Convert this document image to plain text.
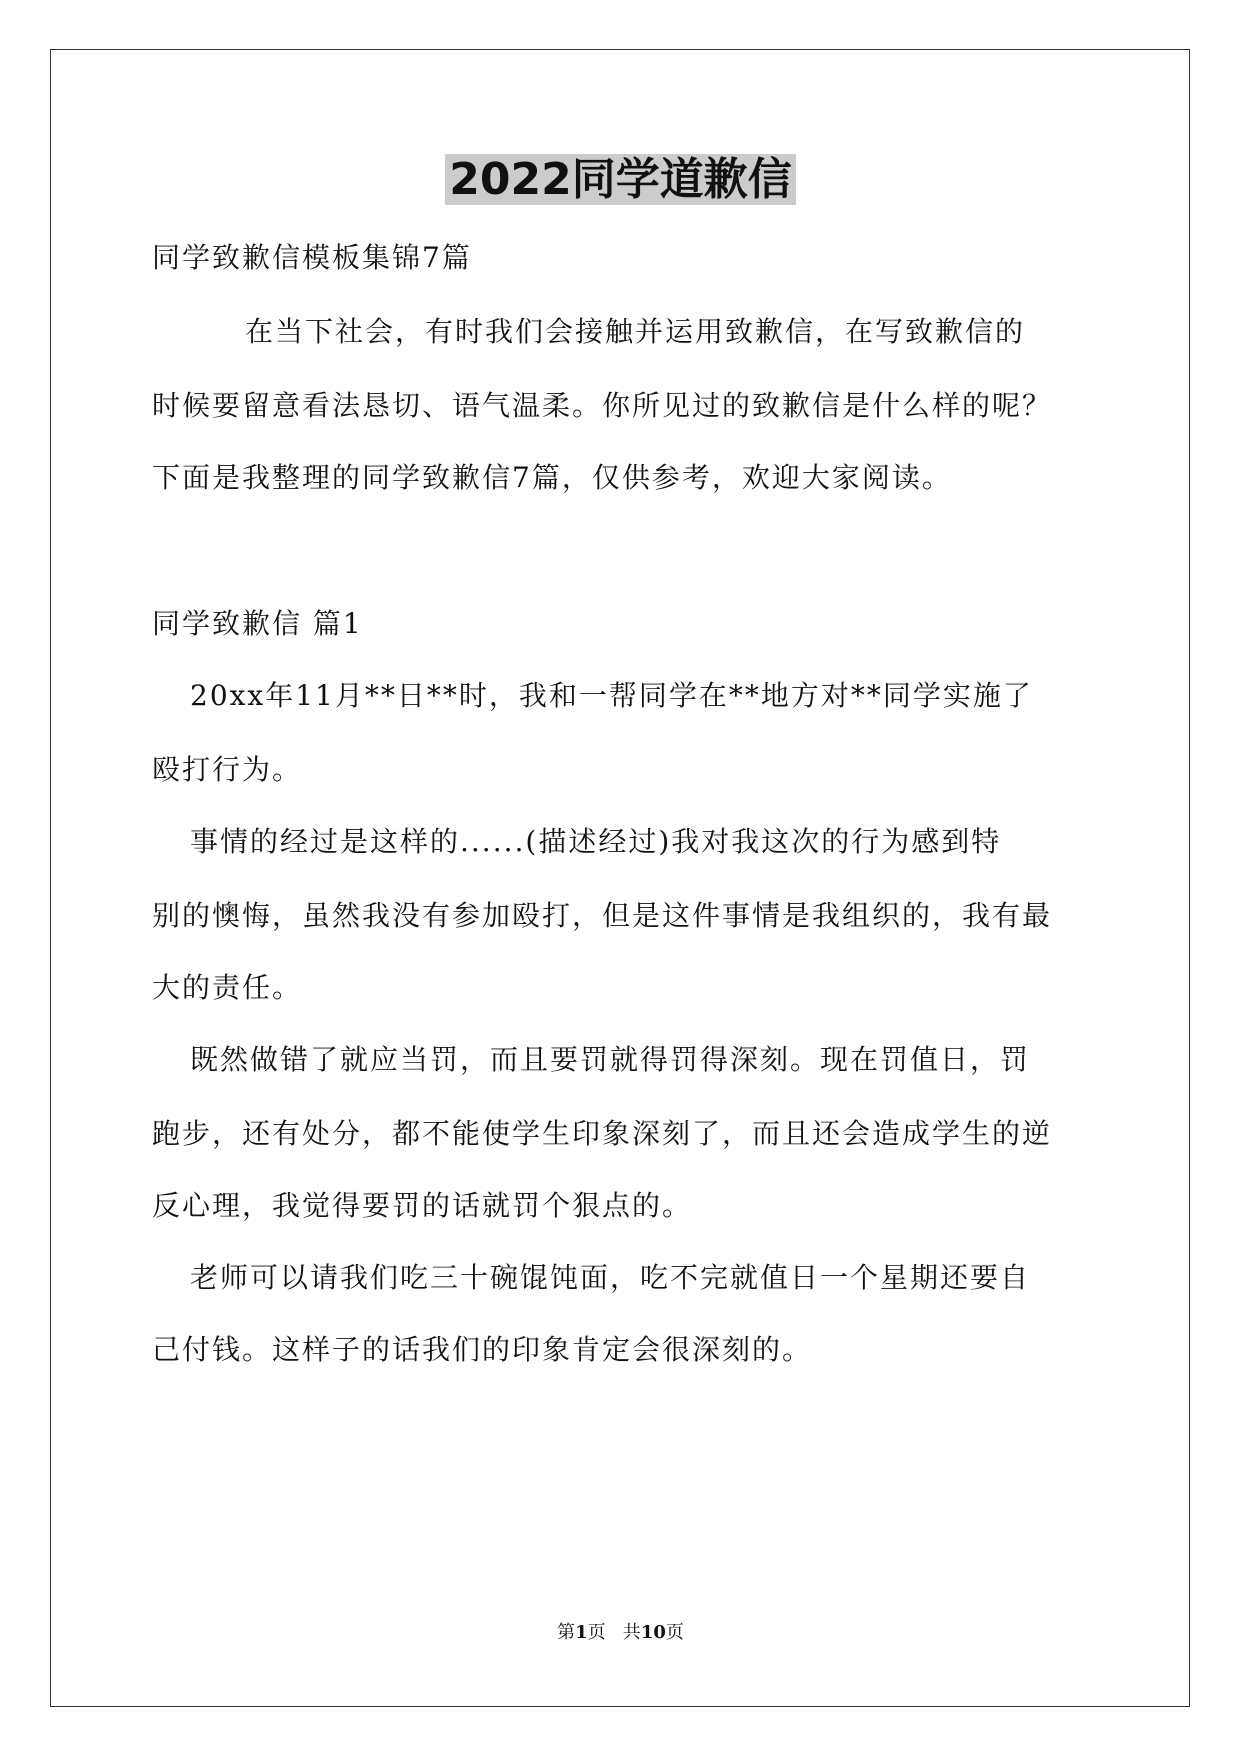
2022同学道歉信
同学致歉信模板集锦7篇
在当下社会，有时我们会接触并运用致歉信，在写致歉信的
时候要留意看法恳切、语气温柔。你所见过的致歉信是什么样的呢？
下面是我整理的同学致歉信7篇，仅供参考，欢迎大家阅读。
同学致歉信 篇1
20xx年11月**日**时，我和一帮同学在**地方对**同学实施了
殴打行为。
事情的经过是这样的......(描述经过)我对我这次的行为感到特
别的懊悔，虽然我没有参加殴打，但是这件事情是我组织的，我有最
大的责任。
既然做错了就应当罚，而且要罚就得罚得深刻。现在罚值日，罚
跑步，还有处分，都不能使学生印象深刻了，而且还会造成学生的逆
反心理，我觉得要罚的话就罚个狠点的。
老师可以请我们吃三十碗馄饨面，吃不完就值日一个星期还要自
己付钱。这样子的话我们的印象肯定会很深刻的。
第1页   共10页
